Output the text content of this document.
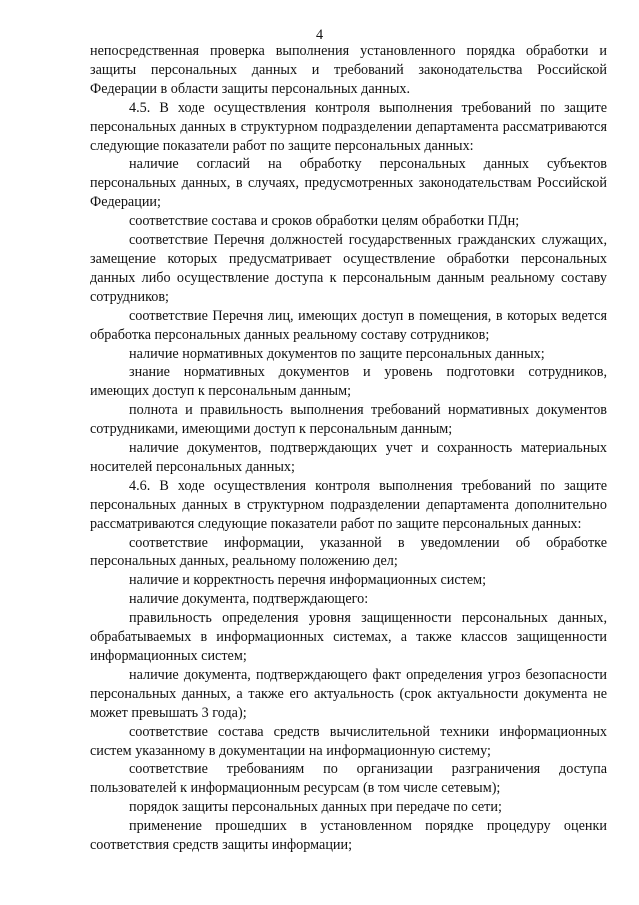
4

непосредственная проверка выполнения установленного порядка обработки и защиты персональных данных и требований законодательства Российской Федерации в области защиты персональных данных.

4.5. В ходе осуществления контроля выполнения требований по защите персональных данных в структурном подразделении департамента рассматриваются следующие показатели работ по защите персональных данных:

наличие согласий на обработку персональных данных субъектов персональных данных, в случаях, предусмотренных законодательствам Российской Федерации;

соответствие состава и сроков обработки целям обработки ПДн;

соответствие Перечня должностей государственных гражданских служащих, замещение которых предусматривает осуществление обработки персональных данных либо осуществление доступа к персональным данным реальному составу сотрудников;

соответствие Перечня лиц, имеющих доступ в помещения, в которых ведется обработка персональных данных реальному составу сотрудников;

наличие нормативных документов по защите персональных данных;

знание нормативных документов и уровень подготовки сотрудников, имеющих доступ к персональным данным;

полнота и правильность выполнения требований нормативных документов сотрудниками, имеющими доступ к персональным данным;

наличие документов, подтверждающих учет и сохранность материальных носителей персональных данных;

4.6. В ходе осуществления контроля выполнения требований по защите персональных данных в структурном подразделении департамента дополнительно рассматриваются следующие показатели работ по защите персональных данных:

соответствие информации, указанной в уведомлении об обработке персональных данных, реальному положению дел;

наличие и корректность перечня информационных систем;

наличие документа, подтверждающего:

правильность определения уровня защищенности персональных данных, обрабатываемых в информационных системах, а также классов защищенности информационных систем;

наличие документа, подтверждающего факт определения угроз безопасности персональных данных, а также его актуальность (срок актуальности документа не может превышать 3 года);

соответствие состава средств вычислительной техники информационных систем указанному в документации на информационную систему;

соответствие требованиям по организации разграничения доступа пользователей к информационным ресурсам (в том числе сетевым);

порядок защиты персональных данных при передаче по сети;

применение прошедших в установленном порядке процедуру оценки соответствия средств защиты информации;
